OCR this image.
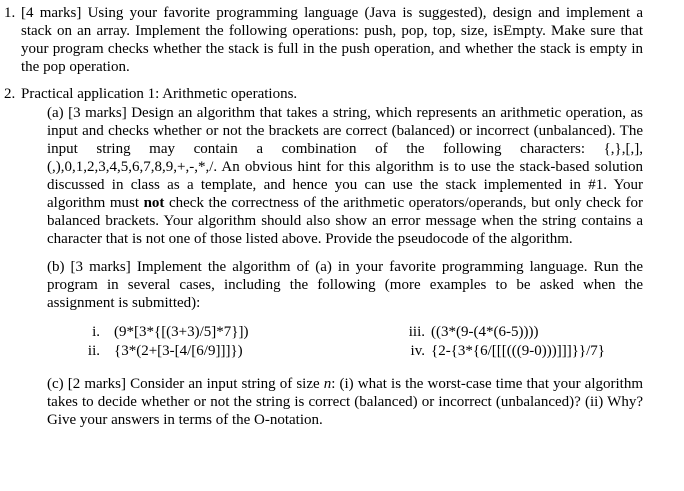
1. [4 marks] Using your favorite programming language (Java is suggested), design and implement a stack on an array. Implement the following operations: push, pop, top, size, isEmpty. Make sure that your program checks whether the stack is full in the push operation, and whether the stack is empty in the pop operation.
2. Practical application 1: Arithmetic operations.
(a) [3 marks] Design an algorithm that takes a string, which represents an arithmetic operation, as input and checks whether or not the brackets are correct (balanced) or incorrect (unbalanced). The input string may contain a combination of the following characters: {,},[,],(,),0,1,2,3,4,5,6,7,8,9,+,-,*,/. An obvious hint for this algorithm is to use the stack-based solution discussed in class as a template, and hence you can use the stack implemented in #1. Your algorithm must not check the correctness of the arithmetic operators/operands, but only check for balanced brackets. Your algorithm should also show an error message when the string contains a character that is not one of those listed above. Provide the pseudocode of the algorithm.
(b) [3 marks] Implement the algorithm of (a) in your favorite programming language. Run the program in several cases, including the following (more examples to be asked when the assignment is submitted):
i. (9*[3*{[(3+3)/5]*7}])
ii. {3*(2+[3-[4/[6/9]]]})
iii. ((3*(9-(4*(6-5))))
iv. {2-{3*{6/[[[(((9-0)))]]]}}/7}
(c) [2 marks] Consider an input string of size n: (i) what is the worst-case time that your algorithm takes to decide whether or not the string is correct (balanced) or incorrect (unbalanced)? (ii) Why? Give your answers in terms of the O-notation.
